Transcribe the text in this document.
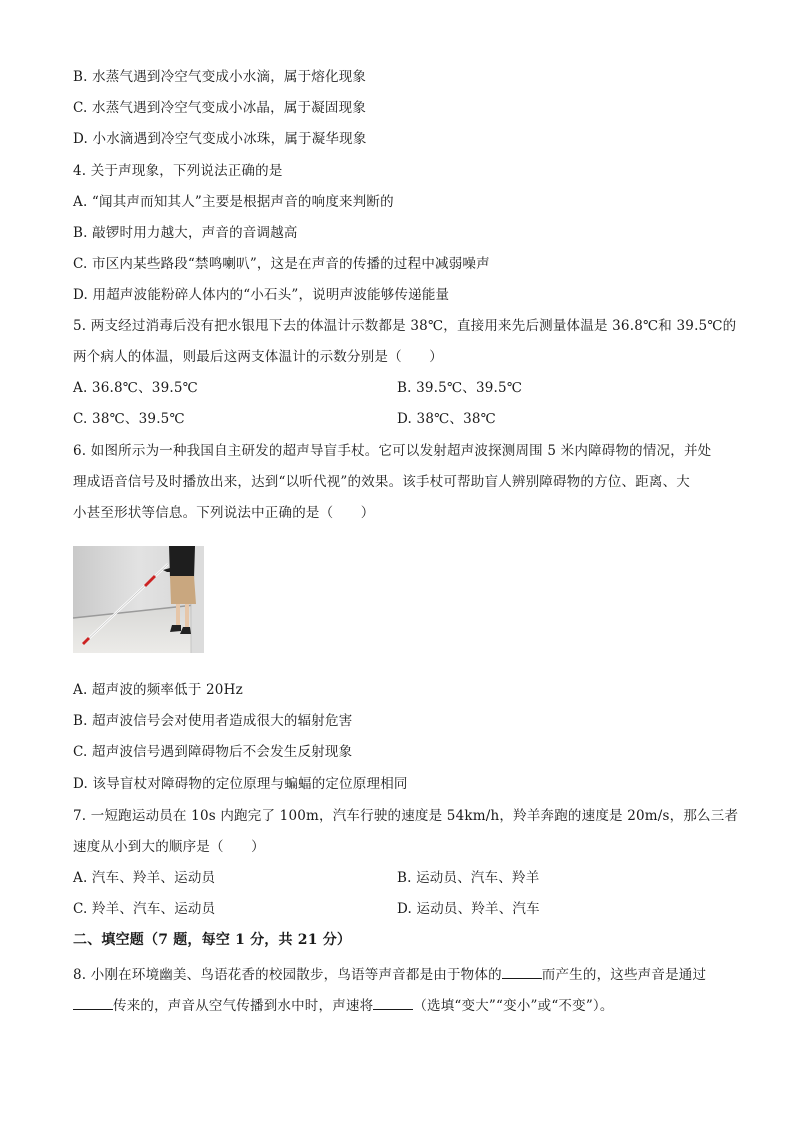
B. 水蒸气遇到冷空气变成小水滴，属于熔化现象
C. 水蒸气遇到冷空气变成小冰晶，属于凝固现象
D. 小水滴遇到冷空气变成小冰珠，属于凝华现象
4. 关于声现象，下列说法正确的是
A. “闻其声而知其人”主要是根据声音的响度来判断的
B. 敲锣时用力越大，声音的音调越高
C. 市区内某些路段“禁鸣喇叭”，这是在声音的传播的过程中减弱噪声
D. 用超声波能粉碎人体内的“小石头”，说明声波能够传递能量
5. 两支经过消毒后没有把水银甩下去的体温计示数都是 38℃，直接用来先后测量体温是 36.8℃和 39.5℃的
两个病人的体温，则最后这两支体温计的示数分别是（　　）
A. 36.8℃、39.5℃	B. 39.5℃、39.5℃
C. 38℃、39.5℃	D. 38℃、38℃
6. 如图所示为一种我国自主研发的超声导盲手杖。它可以发射超声波探测周围 5 米内障碍物的情况，并处
理成语音信号及时播放出来，达到“以听代视”的效果。该手杖可帮助盲人辨别障碍物的方位、距离、大
小甚至形状等信息。下列说法中正确的是（　　）
A. 超声波的频率低于 20Hz
B. 超声波信号会对使用者造成很大的辐射危害
C. 超声波信号遇到障碍物后不会发生反射现象
D. 该导盲杖对障碍物的定位原理与蝙蝠的定位原理相同
7. 一短跑运动员在 10s 内跑完了 100m，汽车行驶的速度是 54km/h，羚羊奔跑的速度是 20m/s，那么三者
速度从小到大的顺序是（　　）
A. 汽车、羚羊、运动员	B. 运动员、汽车、羚羊
C. 羚羊、汽车、运动员	D. 运动员、羚羊、汽车
二、填空题（7 题，每空 1 分，共 21 分）
8. 小刚在环境幽美、鸟语花香的校园散步，鸟语等声音都是由于物体的	而产生的，这些声音是通过
传来的，声音从空气传播到水中时，声速将	（选填“变大”“变小”或“不变”）。
